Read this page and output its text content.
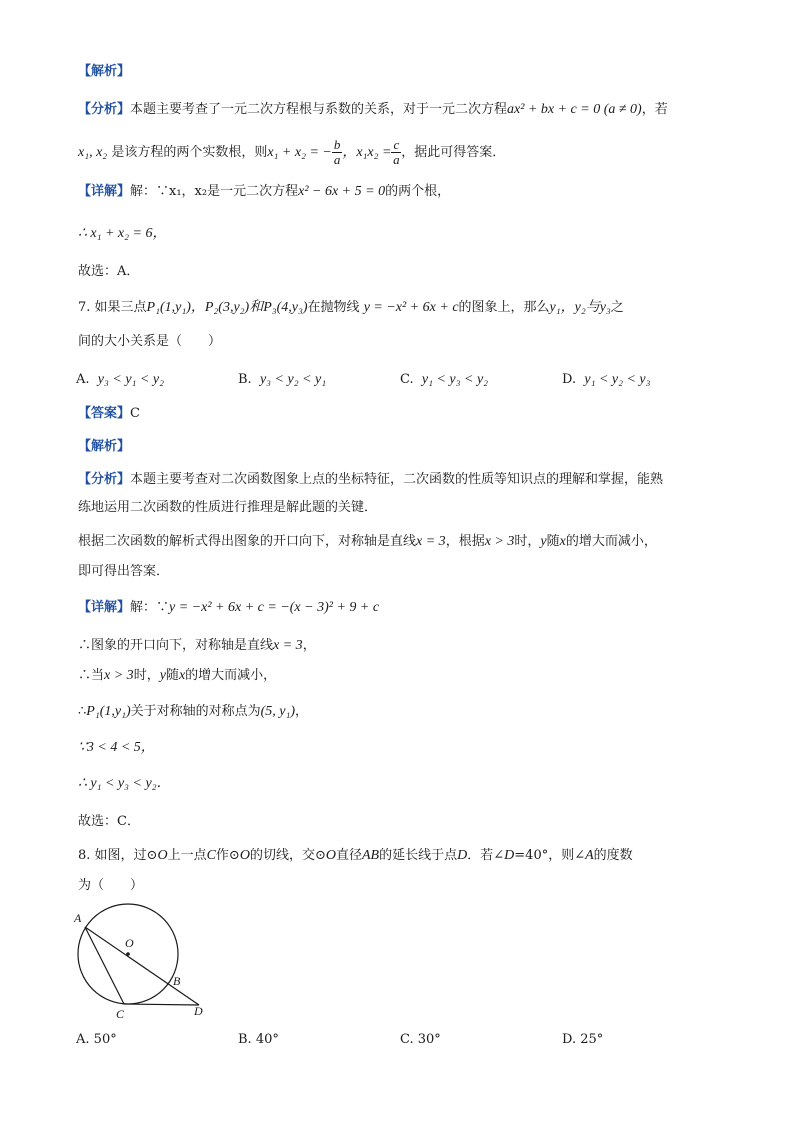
【解析】
【分析】本题主要考查了一元二次方程根与系数的关系，对于一元二次方程ax² + bx + c = 0 (a ≠ 0)，若
x₁, x₂ 是该方程的两个实数根，则x₁ + x₂ = − $\frac{b}{a}$ ，$x_1x_2 = \frac{c}{a}$ ，据此可得答案．
【详解】解：∵x₁，x₂是一元二次方程x² − 6x + 5 = 0的两个根，
∴ x₁ + x₂ = 6，
故选：A．
7. 如果三点P₁(1,y₁)，P₂(3,y₂)和P₃(4,y₃)在抛物线 y = −x² + 6x + c的图象上，那么y₁，y₂与y₃之
间的大小关系是（　　）
A. y₃ < y₁ < y₂	B. y₃ < y₂ < y₁	C. y₁ < y₃ < y₂	D. y₁ < y₂ < y₃
【答案】C
【解析】
【分析】本题主要考查对二次函数图象上点的坐标特征，二次函数的性质等知识点的理解和掌握，能熟
练地运用二次函数的性质进行推理是解此题的关键．
根据二次函数的解析式得出图象的开口向下，对称轴是直线x = 3，根据x > 3时，y随x的增大而减小，
即可得出答案．
【详解】解：∵y = −x² + 6x + c = −(x − 3)² + 9 + c
∴图象的开口向下，对称轴是直线x = 3，
∴当x > 3时，y随x的增大而减小，
∴P₁(1,y₁)关于对称轴的对称点为(5, y₁)，
∵3 < 4 < 5，
∴ y₁ < y₃ < y₂．
故选：C．
8. 如图，过⊙O上一点C作⊙O的切线，交⊙O直径AB的延长线于点D．若∠D=40°，则∠A的度数
为（　　）
A
O
B
C	D
A. 50°	B. 40°	C. 30°	D. 25°
